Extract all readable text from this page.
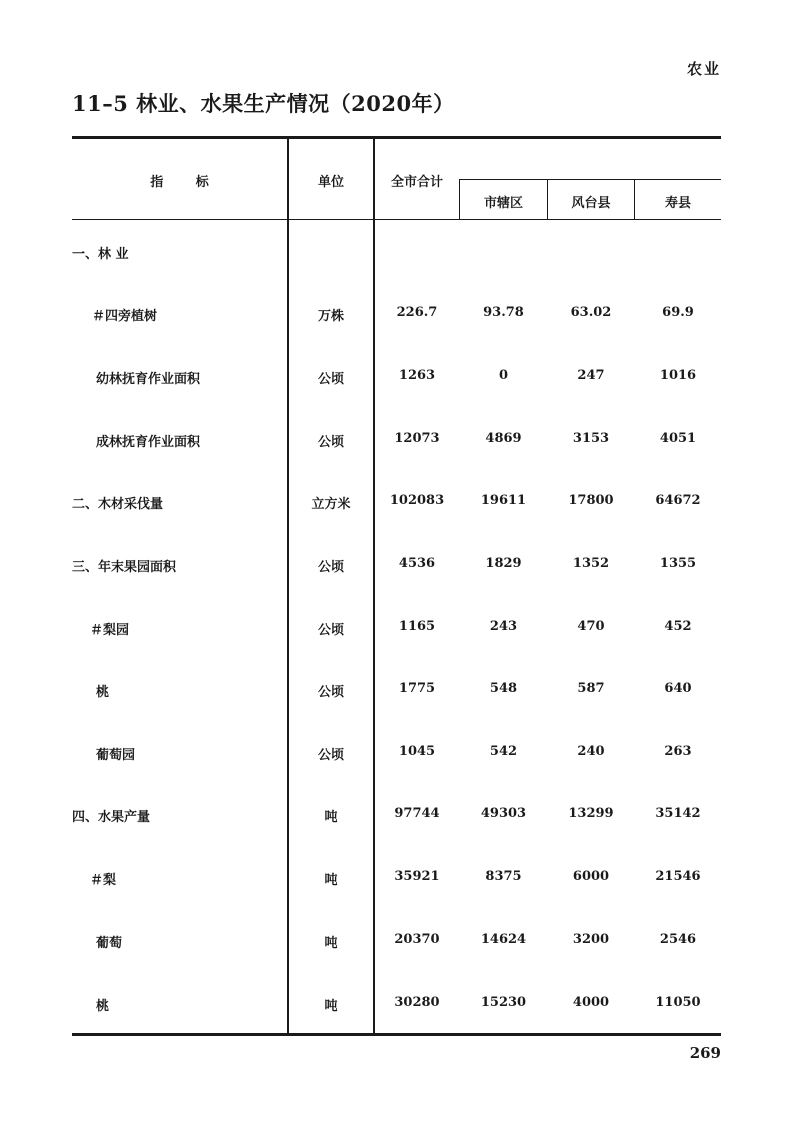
农业
11–5 林业、水果生产情况（2020年）
指 标	单位	全市合计
市辖区	风台县	寿县
一、林 业
＃四旁植树	万株	226.7	93.78	63.02	69.9
幼林抚育作业面积	公顷	1263	0	247	1016
成林抚育作业面积	公顷	12073	4869	3153	4051
二、木材采伐量	立方米	102083	19611	17800	64672
三、年末果园面积	公顷	4536	1829	1352	1355
＃梨园	公顷	1165	243	470	452
桃	公顷	1775	548	587	640
葡萄园	公顷	1045	542	240	263
四、水果产量	吨	97744	49303	13299	35142
＃梨	吨	35921	8375	6000	21546
葡萄	吨	20370	14624	3200	2546
桃	吨	30280	15230	4000	11050
269
